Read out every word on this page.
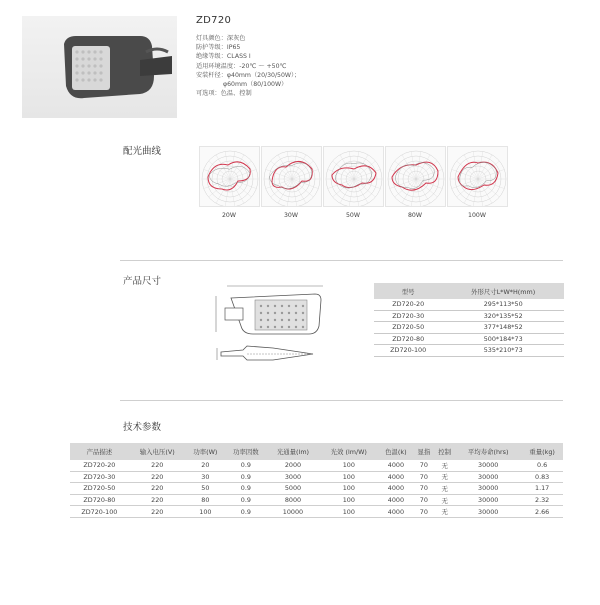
ZD720
灯具颜色：深灰色
防护等级：IP65
绝缘等级：CLASS Ⅰ
适用环境温度：-20℃ ～ +50℃
安装杆径：φ40mm（20/30/50W）；
φ60mm（80/100W）
可选项：色温、控制
配光曲线
产品尺寸
型号	外形尺寸L*W*H(mm)
ZD720-20	295*113*50
ZD720-30	320*135*52
ZD720-50	377*148*52
ZD720-80	500*184*73
ZD720-100	535*210*73
技术参数
产品描述	输入电压(V)	功率(W)	功率因数	光通量(lm)	光效 (lm/W)	色温(k)	显指	控制	平均寿命(hrs)	重量(kg)
ZD720-20	220	20	0.9	2000	100	4000	70	无	30000	0.6
ZD720-30	220	30	0.9	3000	100	4000	70	无	30000	0.83
ZD720-50	220	50	0.9	5000	100	4000	70	无	30000	1.17
ZD720-80	220	80	0.9	8000	100	4000	70	无	30000	2.32
ZD720-100	220	100	0.9	10000	100	4000	70	无	30000	2.66
20W	30W	50W	80W	100W
